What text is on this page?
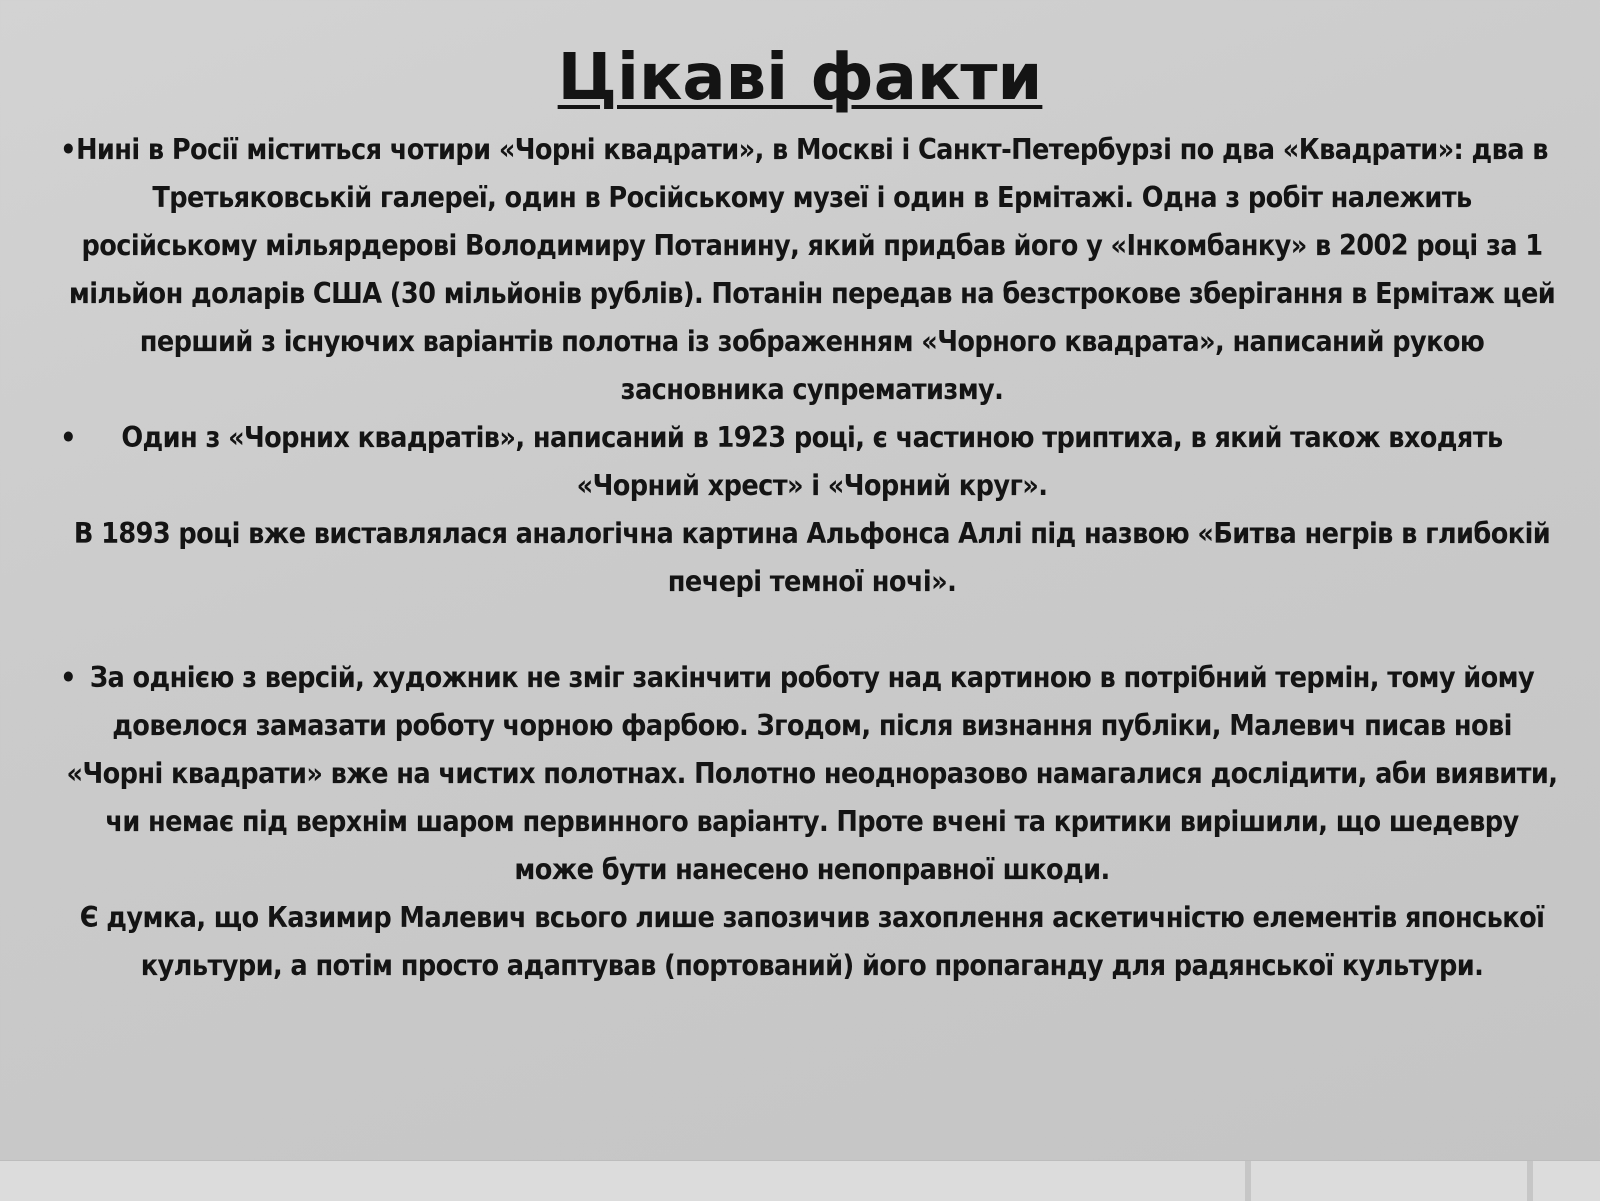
Цікаві факти
• Нині в Росії міститься чотири «Чорні квадрати», в Москві і Санкт-Петербурзі по два «Квадрати»: два в Третьяковській галереї, один в Російському музеї і один в Ермітажі. Одна з робіт належить російському мільярдерові Володимиру Потанину, який придбав його у «Інкомбанку» в 2002 році за 1 мільйон доларів США (30 мільйонів рублів). Потанін передав на безстрокове зберігання в Ермітаж цей перший з існуючих варіантів полотна із зображенням «Чорного квадрата», написаний рукою засновника супрематизму.
• Один з «Чорних квадратів», написаний в 1923 році, є частиною триптиха, в який також входять «Чорний хрест» і «Чорний круг».
В 1893 році вже виставлялася аналогічна картина Альфонса Аллі під назвою «Битва негрів в глибокій печері темної ночі».
• За однією з версій, художник не зміг закінчити роботу над картиною в потрібний термін, тому йому довелося замазати роботу чорною фарбою. Згодом, після визнання публіки, Малевич писав нові «Чорні квадрати» вже на чистих полотнах. Полотно неодноразово намагалися дослідити, аби виявити, чи немає під верхнім шаром первинного варіанту. Проте вчені та критики вирішили, що шедевру може бути нанесено непоправної шкоди.
Є думка, що Казимир Малевич всього лише запозичив захоплення аскетичністю елементів японської культури, а потім просто адаптував (портований) його пропаганду для радянської культури.
